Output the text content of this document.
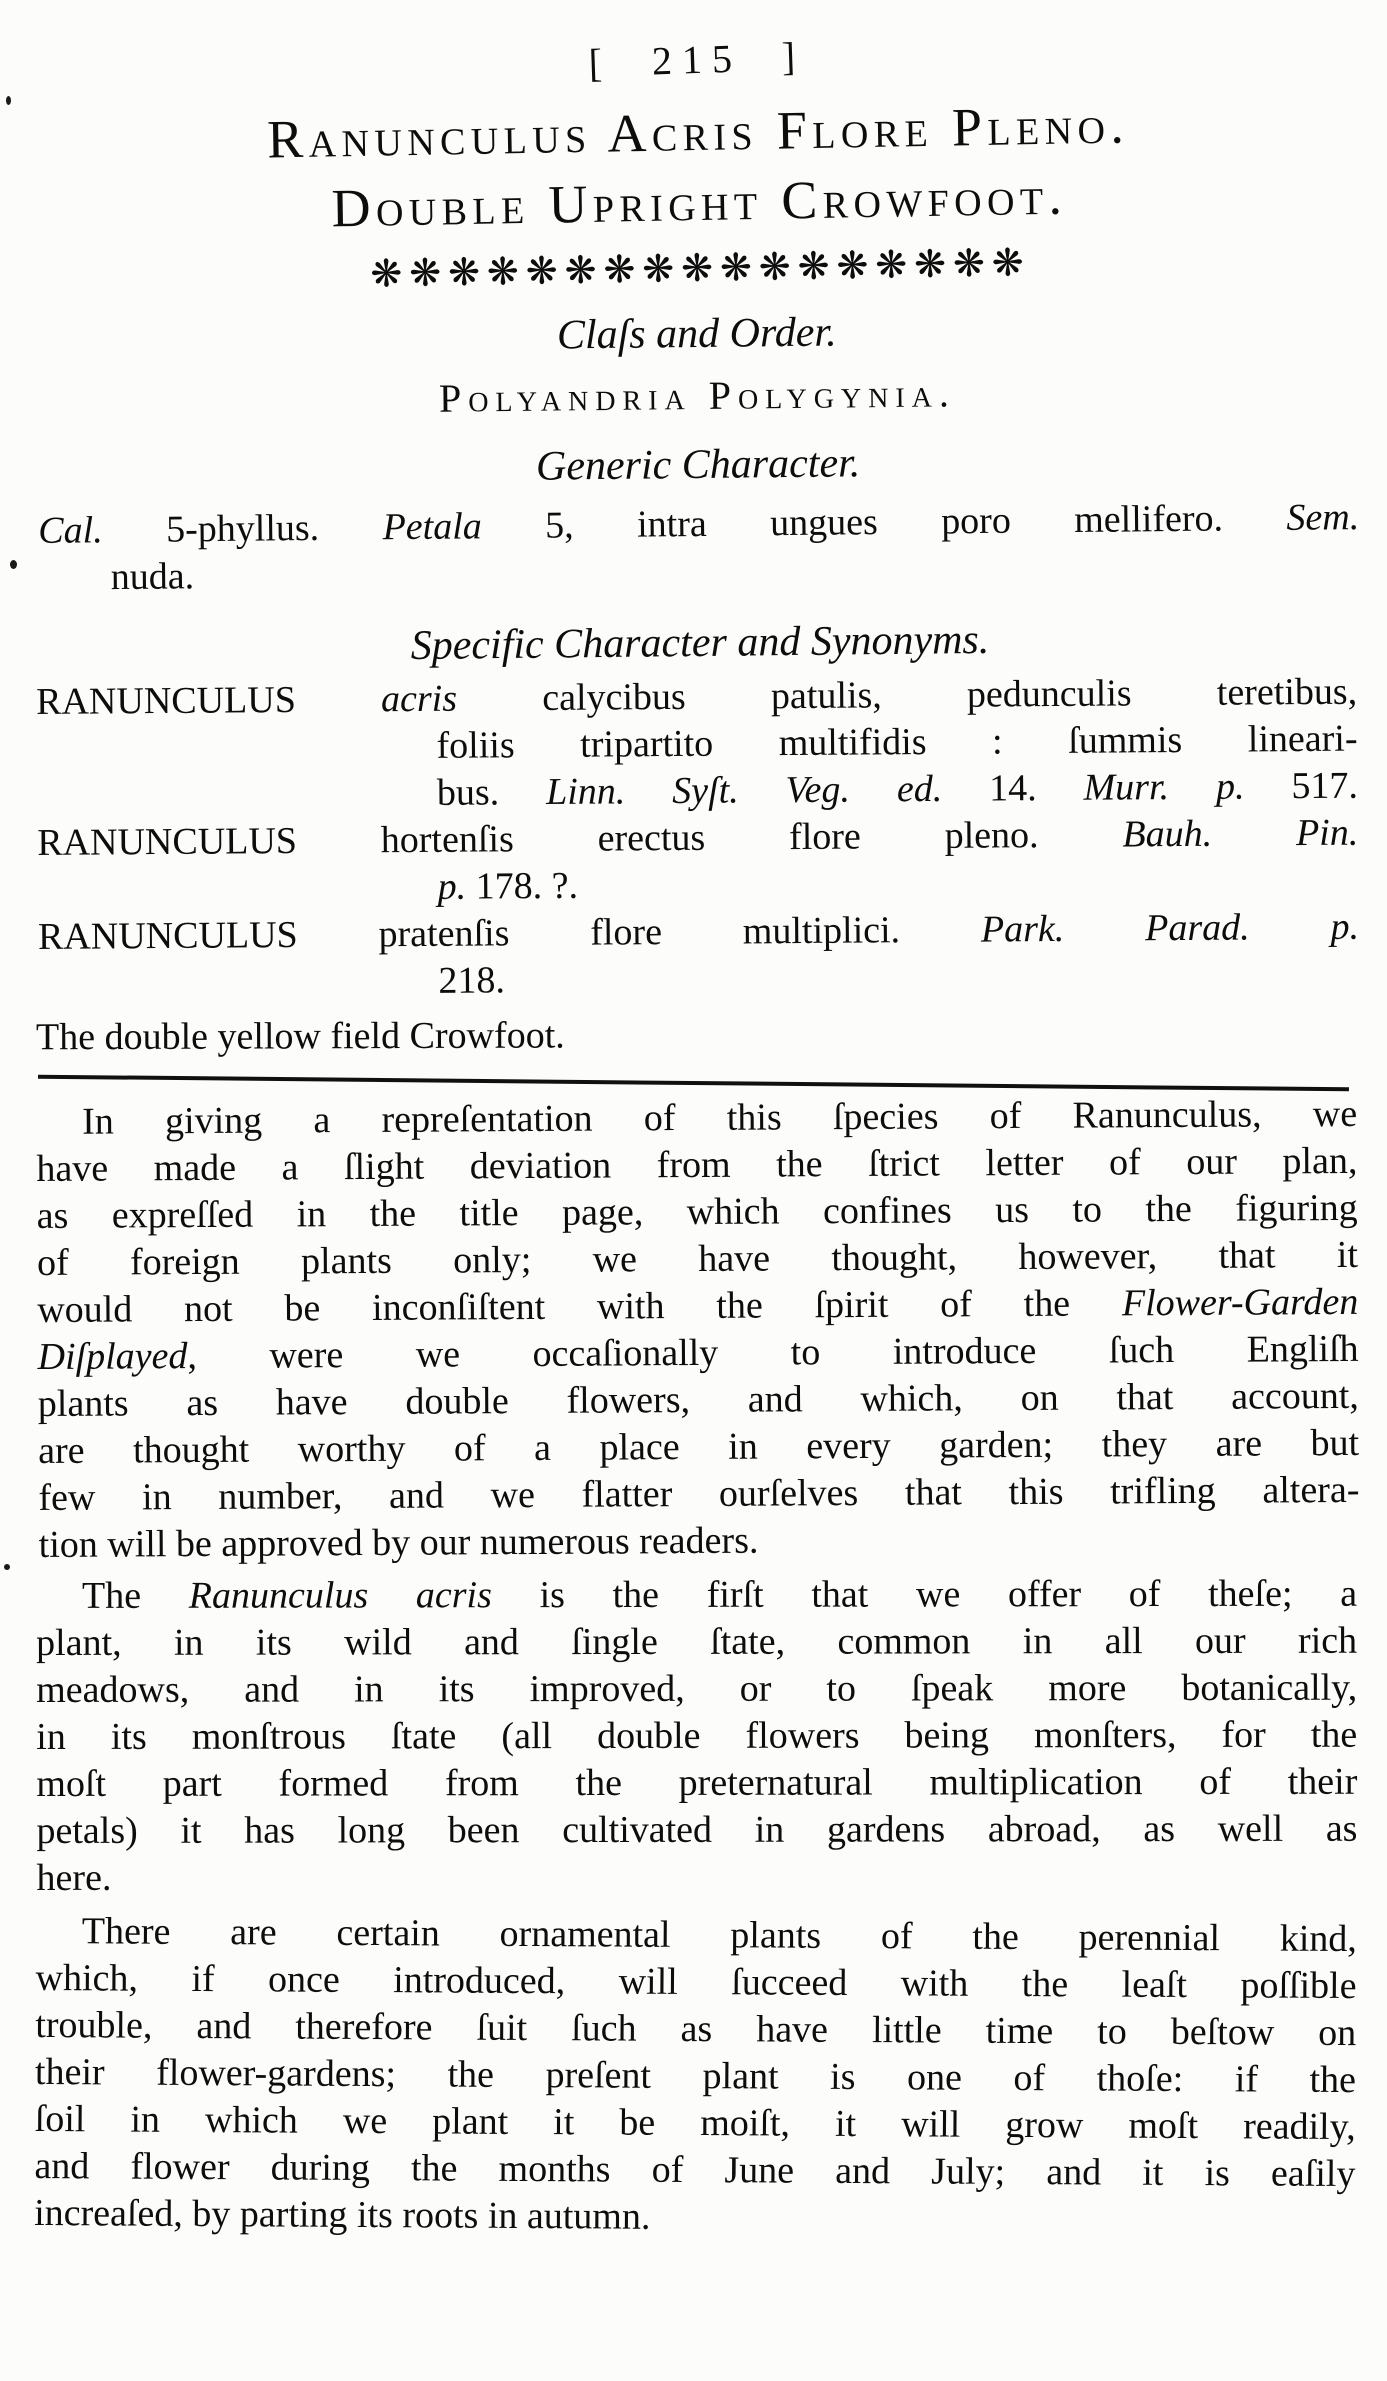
[  215  ]
Ranunculus Acris Flore Pleno.
Double Upright Crowfoot.
❋❋❋❋❋❋❋❋❋❋❋❋❋❋❋❋❋
Claſs and Order.
Polyandria Polygynia.
Generic Character.
Cal. 5-phyllus. Petala 5, intra ungues poro mellifero. Sem.
nuda.
Specific Character and Synonyms.
RANUNCULUS acris calycibus patulis, pedunculis teretibus,
foliis tripartito multifidis : ſummis lineari-
bus. Linn. Syſt. Veg. ed. 14. Murr. p. 517.
RANUNCULUS hortenſis erectus flore pleno. Bauh. Pin.
p. 178. ?.
RANUNCULUS pratenſis flore multiplici. Park. Parad. p.
218.
The double yellow field Crowfoot.
In giving a repreſentation of this ſpecies of Ranunculus, we
have made a ſlight deviation from the ſtrict letter of our plan,
as expreſſed in the title page, which confines us to the figuring
of foreign plants only; we have thought, however, that it
would not be inconſiſtent with the ſpirit of the Flower-Garden
Diſplayed, were we occaſionally to introduce ſuch Engliſh
plants as have double flowers, and which, on that account,
are thought worthy of a place in every garden; they are but
few in number, and we flatter ourſelves that this trifling altera-
tion will be approved by our numerous readers.
The Ranunculus acris is the firſt that we offer of theſe; a
plant, in its wild and ſingle ſtate, common in all our rich
meadows, and in its improved, or to ſpeak more botanically,
in its monſtrous ſtate (all double flowers being monſters, for the
moſt part formed from the preternatural multiplication of their
petals) it has long been cultivated in gardens abroad, as well as
here.
There are certain ornamental plants of the perennial kind,
which, if once introduced, will ſucceed with the leaſt poſſible
trouble, and therefore ſuit ſuch as have little time to beſtow on
their flower-gardens; the preſent plant is one of thoſe: if the
ſoil in which we plant it be moiſt, it will grow moſt readily,
and flower during the months of June and July; and it is eaſily
increaſed, by parting its roots in autumn.
